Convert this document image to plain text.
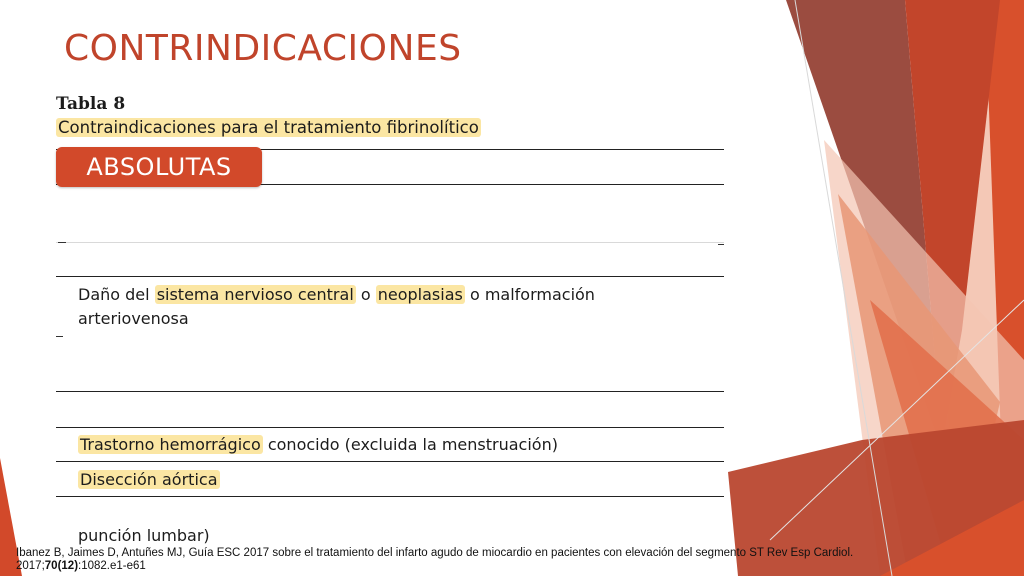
CONTRINDICACIONES
Tabla 8
Contraindicaciones para el tratamiento fibrinolítico
Daño del sistema nervioso central o neoplasias o malformación
arteriovenosa
Trastorno hemorrágico conocido (excluida la menstruación)
Disección aórtica
punción lumbar)
ABSOLUTAS
Ibanez B, Jaimes D, Antuñes MJ, Guía ESC 2017 sobre el tratamiento del infarto agudo de miocardio en pacientes con elevación del segmento ST Rev Esp Cardiol.
2017;70(12):1082.e1-e61
